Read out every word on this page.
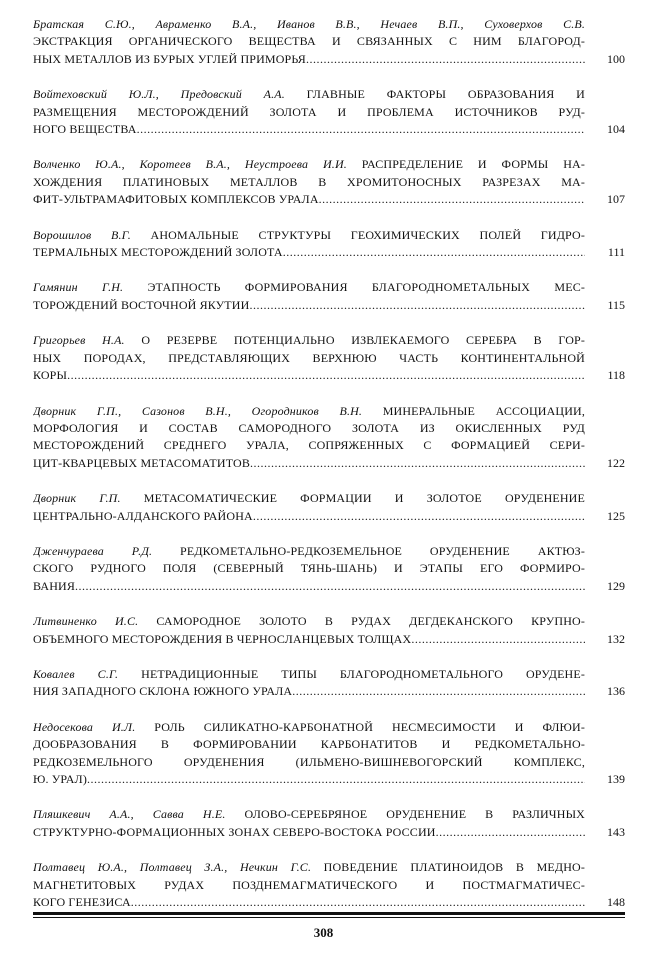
Братская С.Ю., Авраменко В.А., Иванов В.В., Нечаев В.П., Суховерхов С.В.
ЭКСТРАКЦИЯ ОРГАНИЧЕСКОГО ВЕЩЕСТВА И СВЯЗАННЫХ С НИМ БЛАГОРОД-
НЫХ МЕТАЛЛОВ ИЗ БУРЫХ УГЛЕЙ ПРИМОРЬЯ .....	100
Войтеховский Ю.Л., Предовский А.А. ГЛАВНЫЕ ФАКТОРЫ ОБРАЗОВАНИЯ И
РАЗМЕЩЕНИЯ МЕСТОРОЖДЕНИЙ ЗОЛОТА И ПРОБЛЕМА ИСТОЧНИКОВ РУД-
НОГО ВЕЩЕСТВА .....	104
Волченко Ю.А., Коротеев В.А., Неустроева И.И. РАСПРЕДЕЛЕНИЕ И ФОРМЫ НА-
ХОЖДЕНИЯ ПЛАТИНОВЫХ МЕТАЛЛОВ В ХРОМИТОНОСНЫХ РАЗРЕЗАХ МА-
ФИТ-УЛЬТРАМАФИТОВЫХ КОМПЛЕКСОВ УРАЛА .....	107
Ворошилов В.Г. АНОМАЛЬНЫЕ СТРУКТУРЫ ГЕОХИМИЧЕСКИХ ПОЛЕЙ ГИДРО-
ТЕРМАЛЬНЫХ МЕСТОРОЖДЕНИЙ ЗОЛОТА .....	111
Гамянин Г.Н. ЭТАПНОСТЬ ФОРМИРОВАНИЯ БЛАГОРОДНОМЕТАЛЬНЫХ МЕС-
ТОРОЖДЕНИЙ ВОСТОЧНОЙ ЯКУТИИ .....	115
Григорьев Н.А. О РЕЗЕРВЕ ПОТЕНЦИАЛЬНО ИЗВЛЕКАЕМОГО СЕРЕБРА В ГОР-
НЫХ ПОРОДАХ, ПРЕДСТАВЛЯЮЩИХ ВЕРХНЮЮ ЧАСТЬ КОНТИНЕНТАЛЬНОЙ
КОРЫ .....	118
Дворник Г.П., Сазонов В.Н., Огородников В.Н. МИНЕРАЛЬНЫЕ АССОЦИАЦИИ,
МОРФОЛОГИЯ И СОСТАВ САМОРОДНОГО ЗОЛОТА ИЗ ОКИСЛЕННЫХ РУД
МЕСТОРОЖДЕНИЙ СРЕДНЕГО УРАЛА, СОПРЯЖЕННЫХ С ФОРМАЦИЕЙ СЕРИ-
ЦИТ-КВАРЦЕВЫХ МЕТАСОМАТИТОВ .....	122
Дворник Г.П. МЕТАСОМАТИЧЕСКИЕ ФОРМАЦИИ И ЗОЛОТОЕ ОРУДЕНЕНИЕ
ЦЕНТРАЛЬНО-АЛДАНСКОГО РАЙОНА .....	125
Дженчураева Р.Д. РЕДКОМЕТАЛЬНО-РЕДКОЗЕМЕЛЬНОЕ ОРУДЕНЕНИЕ АКТЮЗ-
СКОГО РУДНОГО ПОЛЯ (СЕВЕРНЫЙ ТЯНЬ-ШАНЬ) И ЭТАПЫ ЕГО ФОРМИРО-
ВАНИЯ .....	129
Литвиненко И.С. САМОРОДНОЕ ЗОЛОТО В РУДАХ ДЕГДЕКАНСКОГО КРУПНО-
ОБЪЕМНОГО МЕСТОРОЖДЕНИЯ В ЧЕРНОСЛАНЦЕВЫХ ТОЛЩАХ .....	132
Ковалев С.Г. НЕТРАДИЦИОННЫЕ ТИПЫ БЛАГОРОДНОМЕТАЛЬНОГО ОРУДЕНЕ-
НИЯ ЗАПАДНОГО СКЛОНА ЮЖНОГО УРАЛА .....	136
Недосекова И.Л. РОЛЬ СИЛИКАТНО-КАРБОНАТНОЙ НЕСМЕСИМОСТИ И ФЛЮИ-
ДООБРАЗОВАНИЯ В ФОРМИРОВАНИИ КАРБОНАТИТОВ И РЕДКОМЕТАЛЬНО-
РЕДКОЗЕМЕЛЬНОГО ОРУДЕНЕНИЯ (ИЛЬМЕНО-ВИШНЕВОГОРСКИЙ КОМПЛЕКС,
Ю. УРАЛ) .....	139
Пляшкевич А.А., Савва Н.Е. ОЛОВО-СЕРЕБРЯНОЕ ОРУДЕНЕНИЕ В РАЗЛИЧНЫХ
СТРУКТУРНО-ФОРМАЦИОННЫХ ЗОНАХ СЕВЕРО-ВОСТОКА РОССИИ .....	143
Полтавец Ю.А., Полтавец З.А., Нечкин Г.С. ПОВЕДЕНИЕ ПЛАТИНОИДОВ В МЕДНО-
МАГНЕТИТОВЫХ РУДАХ ПОЗДНЕМАГМАТИЧЕСКОГО И ПОСТМАГМАТИЧЕС-
КОГО ГЕНЕЗИСА .....	148
308
